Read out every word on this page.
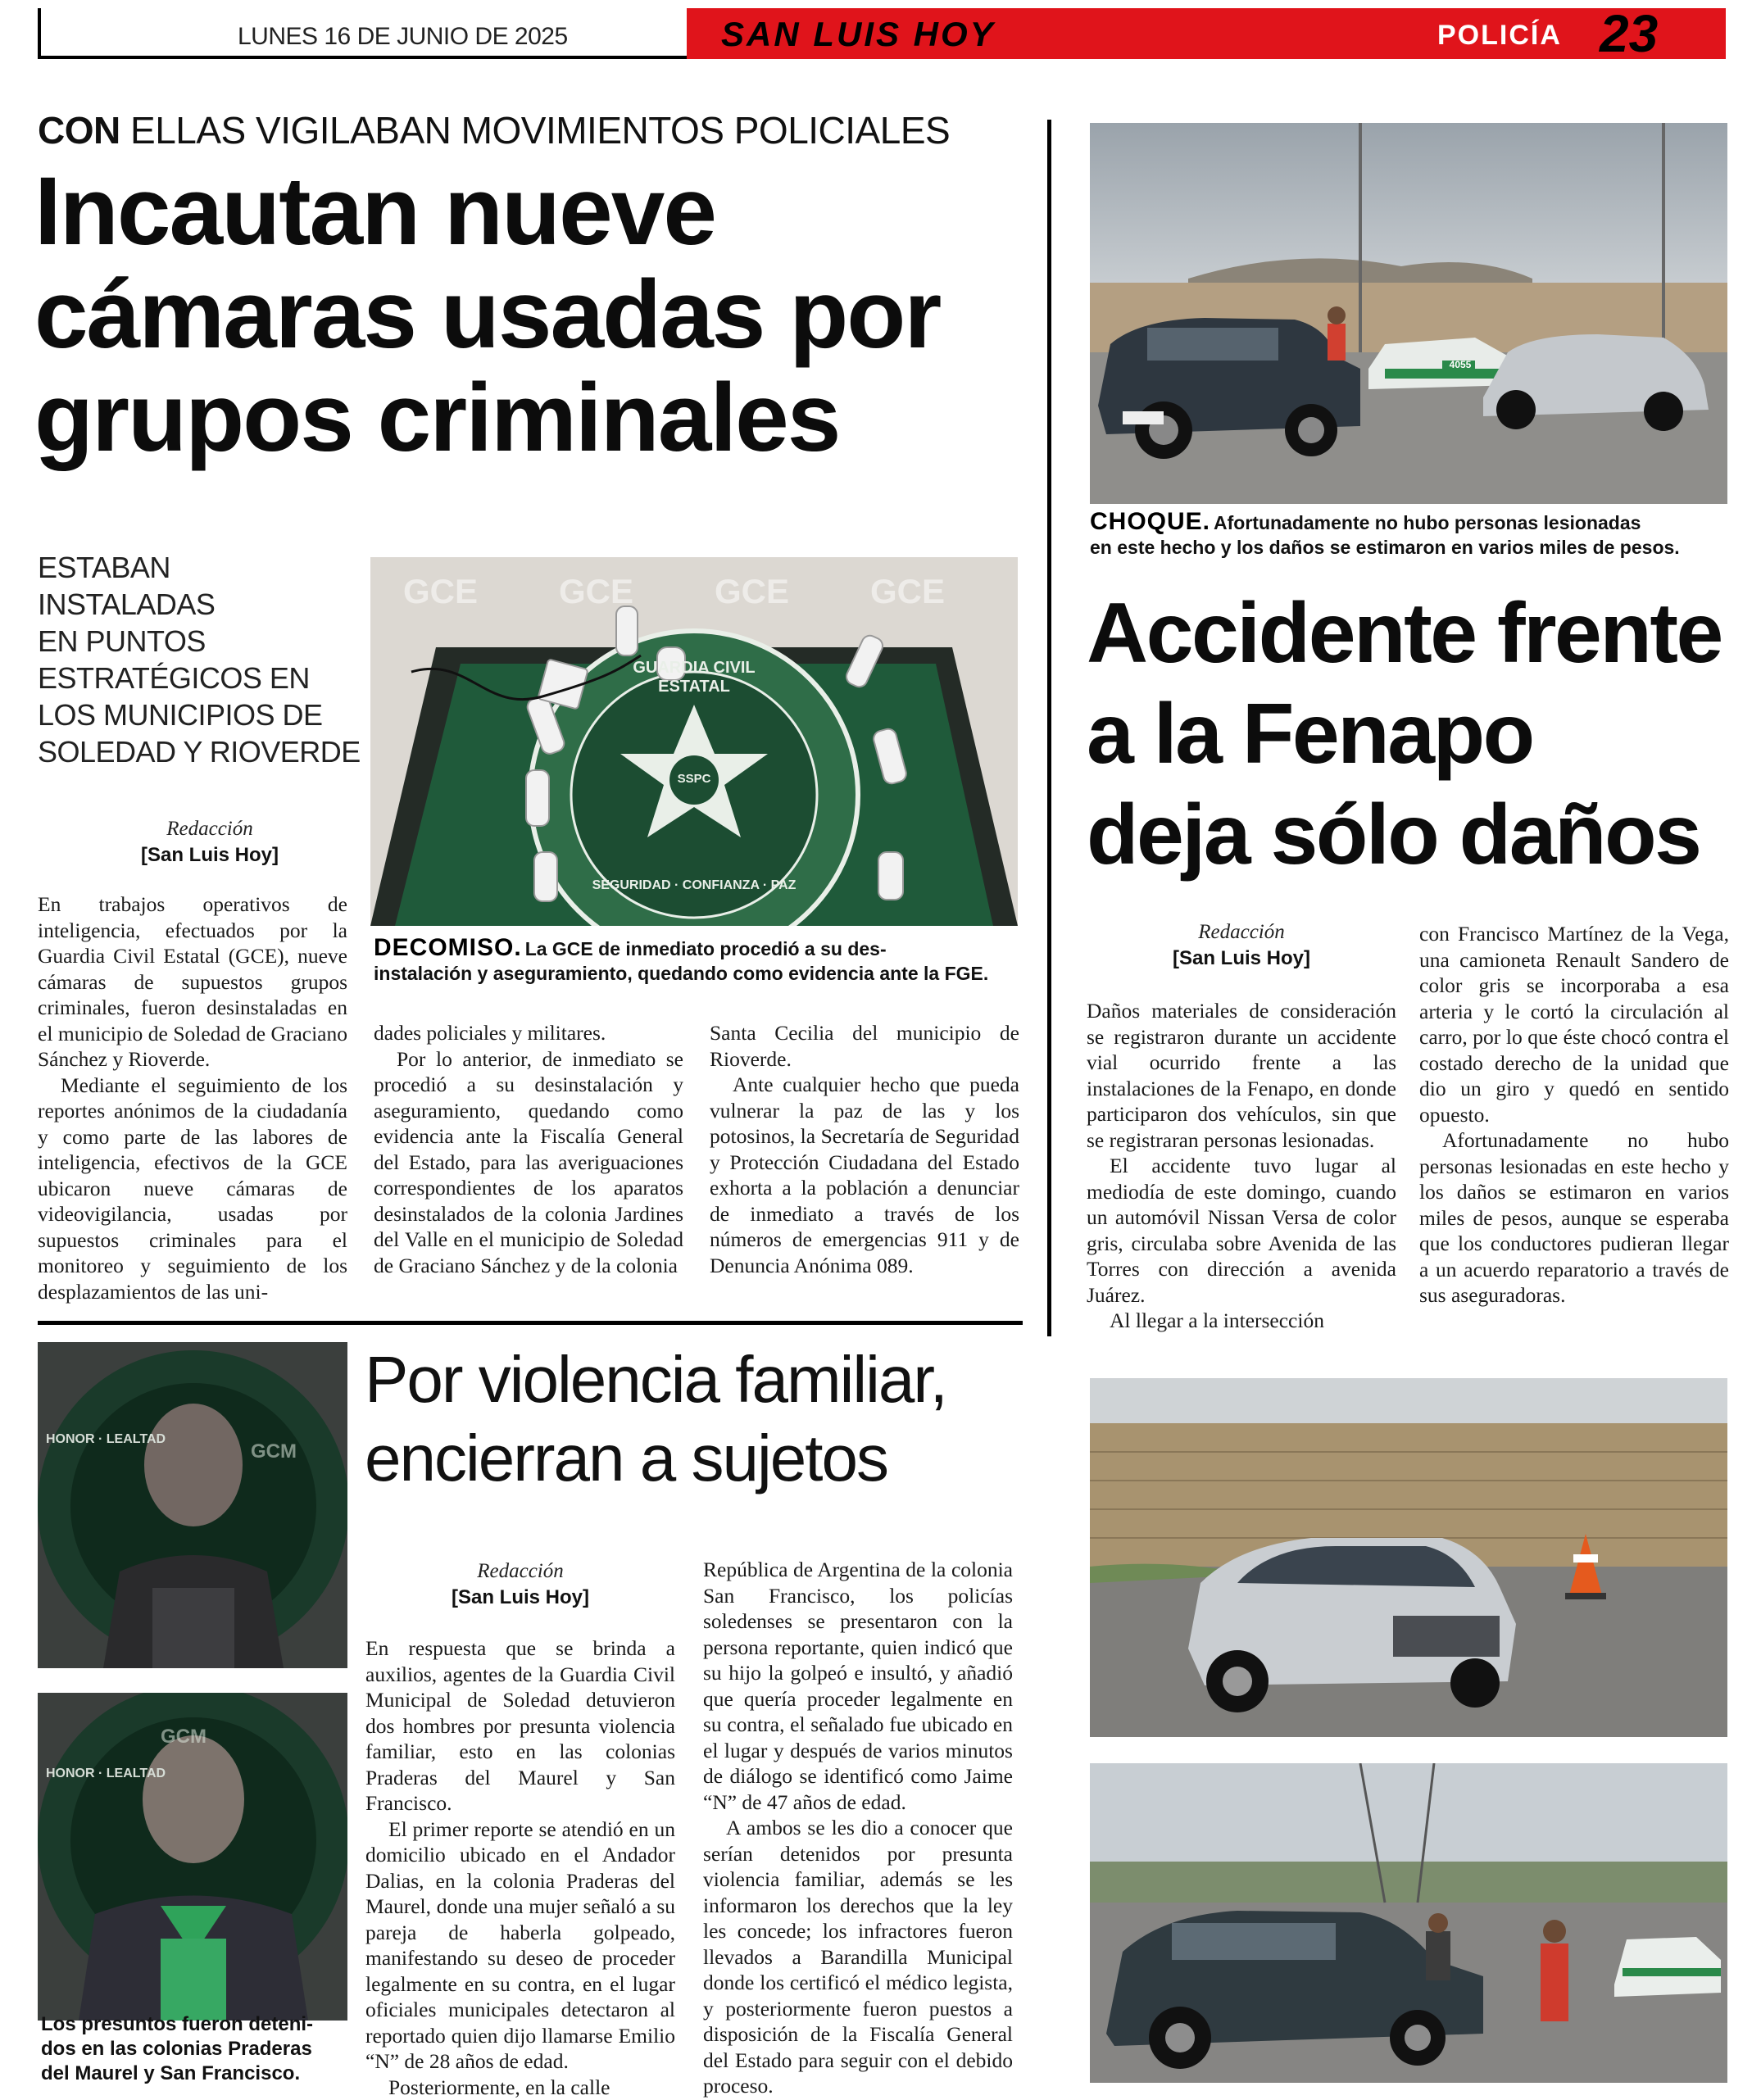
LUNES 16 DE JUNIO DE 2025	SAN LUIS HOY	POLICÍA 23
CON ELLAS VIGILABAN MOVIMIENTOS POLICIALES
Incautan nueve
cámaras usadas por
grupos criminales
ESTABAN
INSTALADAS
EN PUNTOS
ESTRATÉGICOS EN
LOS MUNICIPIOS DE
SOLEDAD Y RIOVERDE
Redacción
[San Luis Hoy]
GCE GCE GCE GCE
GUARDIA CIVIL ESTATAL
SSPC
SEGURIDAD · CONFIANZA · PAZ
DECOMISO. La GCE de inmediato procedió a su des-
instalación y aseguramiento, quedando como evidencia ante la FGE.

En trabajos operativos de inteligencia, efectuados por la Guardia Civil Estatal (GCE), nueve cámaras de supuestos grupos criminales, fueron desinstaladas en el municipio de Soledad de Graciano Sánchez y Rioverde.

Mediante el seguimiento de los reportes anónimos de la ciudadanía y como parte de las labores de inteligencia, efectivos de la GCE ubicaron nueve cámaras de videovigilancia, usadas por supuestos criminales para el monitoreo y seguimiento de los desplazamientos de las uni-

dades policiales y militares.

Por lo anterior, de inmediato se procedió a su desinstalación y aseguramiento, quedando como evidencia ante la Fiscalía General del Estado, para las averiguaciones correspondientes de los aparatos desinstalados de la colonia Jardines del Valle en el municipio de Soledad de Graciano Sánchez y de la colonia

Santa Cecilia del municipio de Rioverde.

Ante cualquier hecho que pueda vulnerar la paz de las y los potosinos, la Secretaría de Seguridad y Protección Ciudadana del Estado exhorta a la población a denunciar de inmediato a través de los números de emergencias 911 y de Denuncia Anónima 089.

4055
CHOQUE. Afortunadamente no hubo personas lesionadas
en este hecho y los daños se estimaron en varios miles de pesos.
Accidente frente
a la Fenapo
deja sólo daños
Redacción
[San Luis Hoy]

Daños materiales de consideración se registraron durante un accidente vial ocurrido frente a las instalaciones de la Fenapo, en donde participaron dos vehículos, sin que se registraran personas lesionadas.

El accidente tuvo lugar al mediodía de este domingo, cuando un automóvil Nissan Versa de color gris, circulaba sobre Avenida de las Torres con dirección a avenida Juárez.

Al llegar a la intersección

con Francisco Martínez de la Vega, una camioneta Renault Sandero de color gris se incorporaba a esa arteria y le cortó la circulación al carro, por lo que éste chocó contra el costado derecho de la unidad que dio un giro y quedó en sentido opuesto.

Afortunadamente no hubo personas lesionadas en este hecho y los daños se estimaron en varios miles de pesos, aunque se esperaba que los conductores pudieran llegar a un acuerdo reparatorio a través de sus aseguradoras.

HONOR · LEALTAD
GCM
HONOR · LEALTAD
GCM
Los presuntos fueron deteni-
dos en las colonias Praderas
del Maurel y San Francisco.
Por violencia familiar,
encierran a sujetos
Redacción
[San Luis Hoy]

En respuesta que se brinda a auxilios, agentes de la Guardia Civil Municipal de Soledad detuvieron dos hombres por presunta violencia familiar, esto en las colonias Praderas del Maurel y San Francisco.

El primer reporte se atendió en un domicilio ubicado en el Andador Dalias, en la colonia Praderas del Maurel, donde una mujer señaló a su pareja de haberla golpeado, manifestando su deseo de proceder legalmente en su contra, en el lugar oficiales municipales detectaron al reportado quien dijo llamarse Emilio “N” de 28 años de edad.

Posteriormente, en la calle

República de Argentina de la colonia San Francisco, los policías soledenses se presentaron con la persona reportante, quien indicó que su hijo la golpeó e insultó, y añadió que quería proceder legalmente en su contra, el señalado fue ubicado en el lugar y después de varios minutos de diálogo se identificó como Jaime “N” de 47 años de edad.

A ambos se les dio a conocer que serían detenidos por presunta violencia familiar, además se les informaron los derechos que la ley les concede; los infractores fueron llevados a Barandilla Municipal donde los certificó el médico legista, y posteriormente fueron puestos a disposición de la Fiscalía General del Estado para seguir con el debido proceso.
